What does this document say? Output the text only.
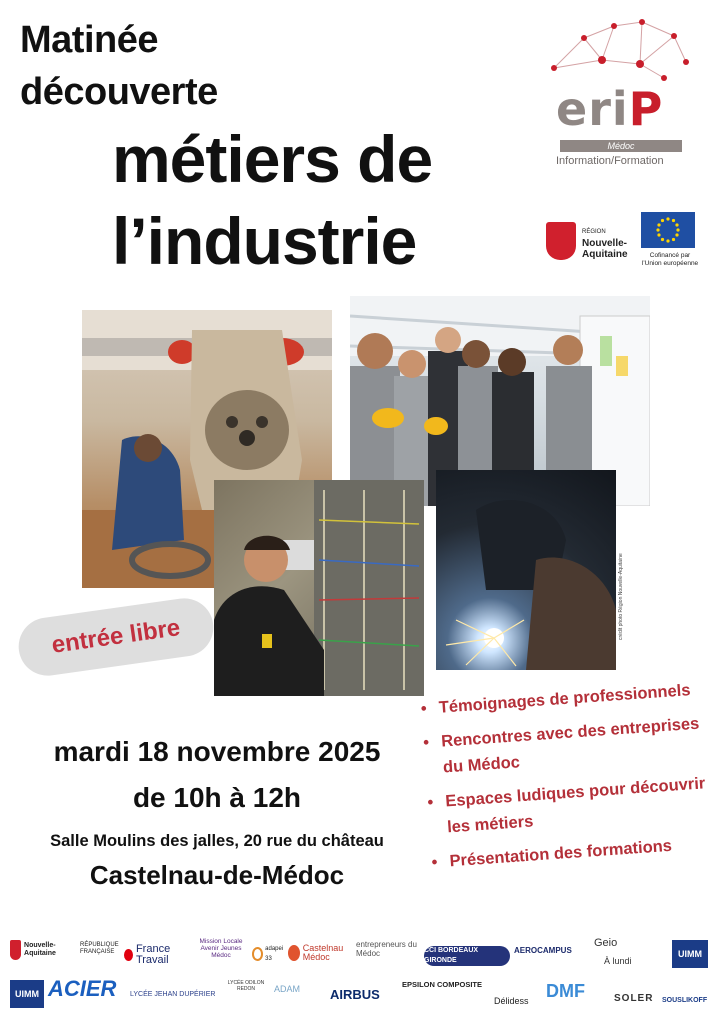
Matinée
découverte
métiers de
l’industrie
eriP
Médoc
Information/Formation
RÉGION
Nouvelle-
Aquitaine	Cofinancé par
l’Union européenne
crédit photo Région Nouvelle-Aquitaine
entrée libre
mardi 18 novembre 2025
de 10h à 12h
Salle Moulins des jalles, 20 rue du château
Castelnau-de-Médoc
• Témoignages de professionnels
• Rencontres avec des entreprises du Médoc
• Espaces ludiques pour découvrir les métiers
• Présentation des formations
Nouvelle-Aquitaine
RÉPUBLIQUE FRANÇAISE	France Travail
Mission Locale Avenir Jeunes Médoc
adapei 33
Castelnau Médoc
entrepreneurs du Médoc	CCI BORDEAUX GIRONDE
AEROCAMPUS
Geio
À lundi
UIMM
UIMM ACIER	LYCÉE JEHAN DUPÉRIER
LYCÉE ODILON REDON	ADAM	AIRBUS
EPSILON COMPOSITE
Délidess DMF	SOLER	SOUSLIKOFF
